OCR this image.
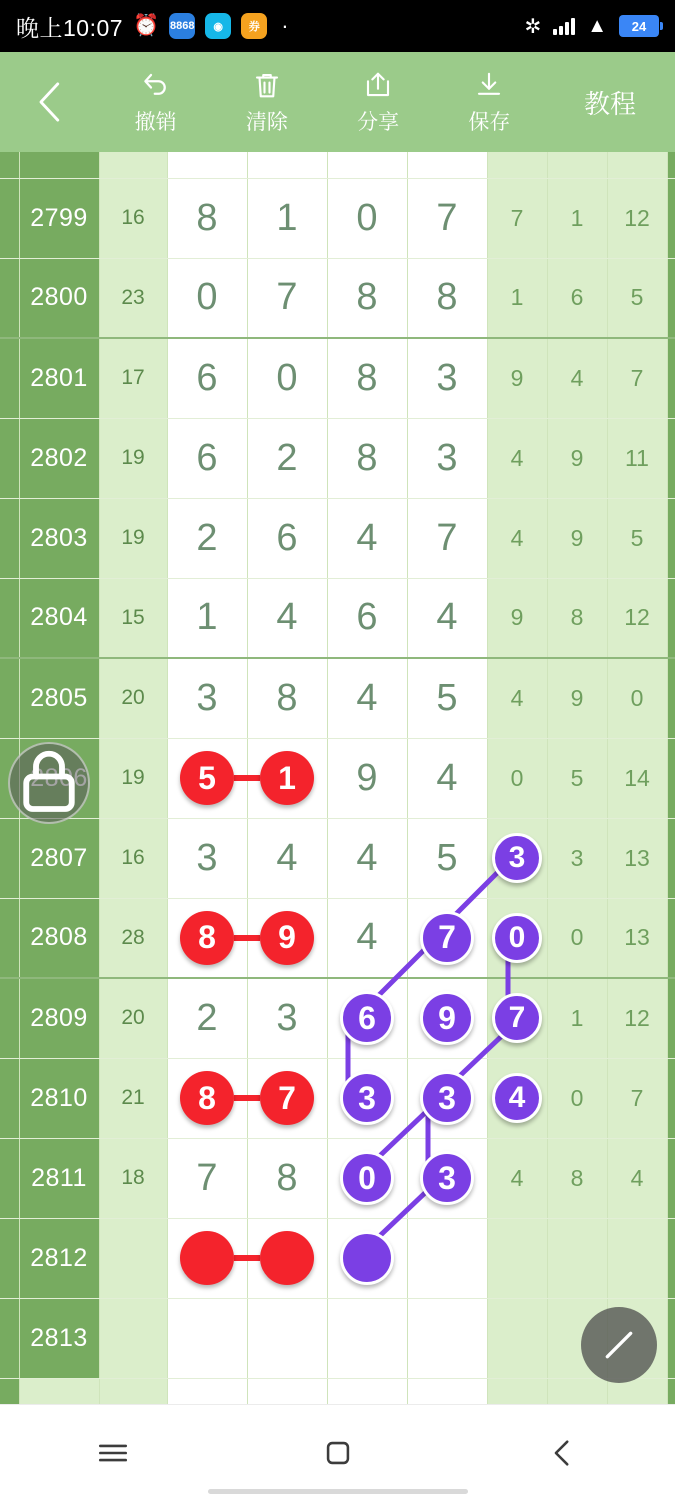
晚上10:07 ⏰ 8868	◉	券 ·	✲ ▲	24
撤销	清除	分享	保存
教程

	2799	16	8	1	0	7	7	1	12	
	2800	23	0	7	8	8	1	6	5	
	2801	17	6	0	8	3	9	4	7	
	2802	19	6	2	8	3	4	9	11	
	2803	19	2	6	4	7	4	9	5	
	2804	15	1	4	6	4	9	8	12	
	2805	20	3	8	4	5	4	9	0	
		19	5	1	9	4	0	5	14	
	2807	16	3	4	4	5	3	3	13	
	2808	28	8	9	4	7	0	0	13	
	2809	20	2	3	6	9	7	1	12	
	2810	21	8	7	3	3	4	0	7	
	2811	18	7	8	0	3	4	8	4	
	2812		

	2813									
